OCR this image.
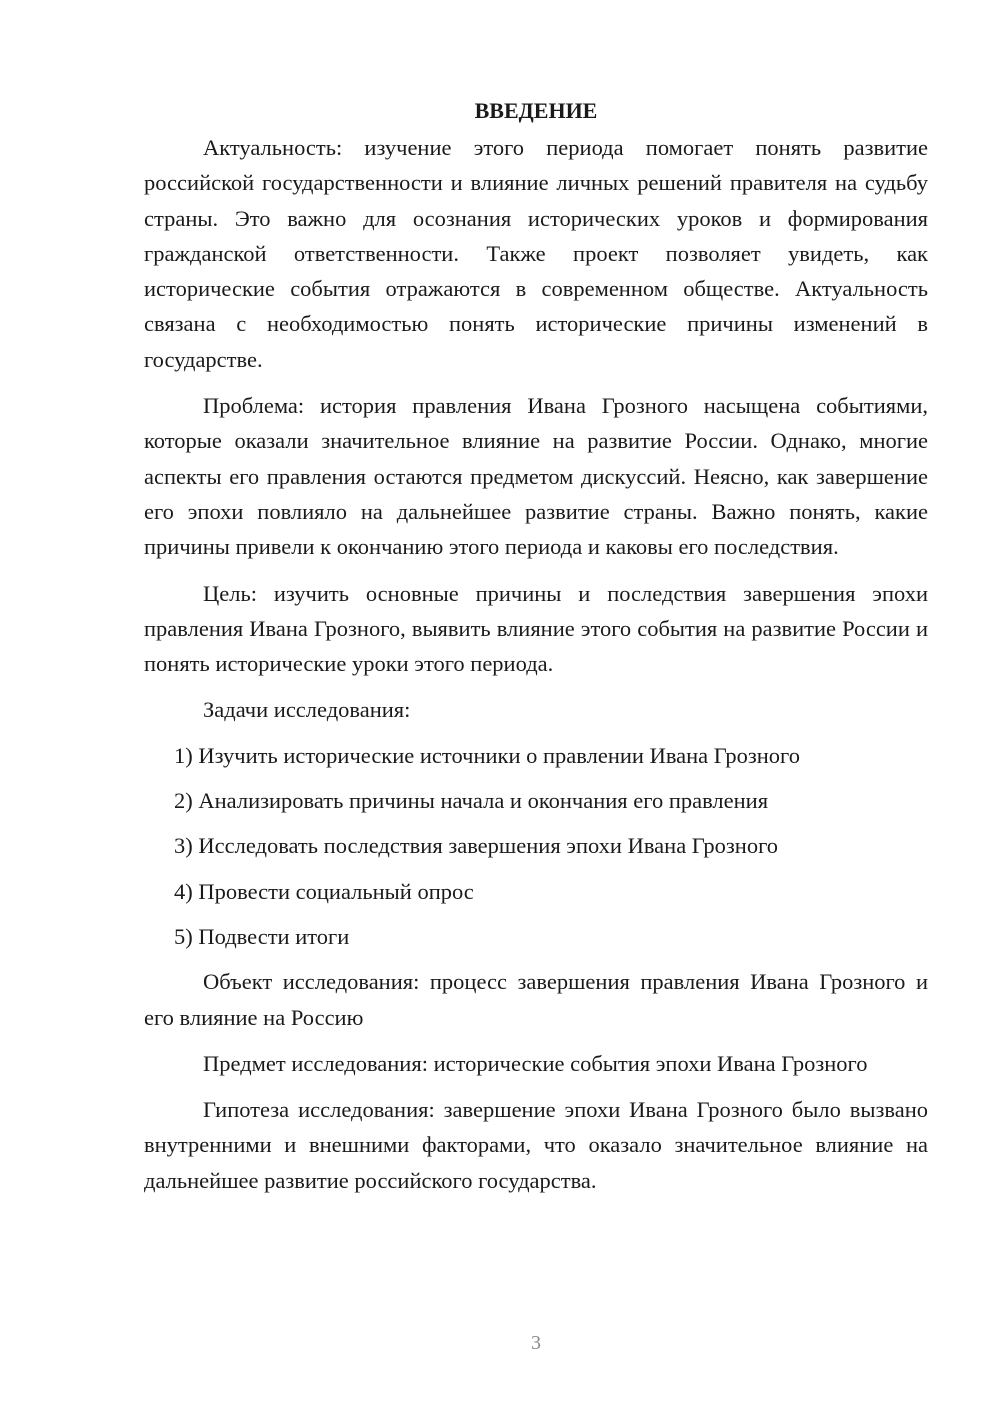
ВВЕДЕНИЕ

Актуальность: изучение этого периода помогает понять развитие российской государственности и влияние личных решений правителя на судьбу страны. Это важно для осознания исторических уроков и формирования гражданской ответственности. Также проект позволяет увидеть, как исторические события отражаются в современном обществе. Актуальность связана с необходимостью понять исторические причины изменений в государстве.

Проблема: история правления Ивана Грозного насыщена событиями, которые оказали значительное влияние на развитие России. Однако, многие аспекты его правления остаются предметом дискуссий. Неясно, как завершение его эпохи повлияло на дальнейшее развитие страны. Важно понять, какие причины привели к окончанию этого периода и каковы его последствия.

Цель: изучить основные причины и последствия завершения эпохи правления Ивана Грозного, выявить влияние этого события на развитие России и понять исторические уроки этого периода.

Задачи исследования:

1) Изучить исторические источники о правлении Ивана Грозного
2) Анализировать причины начала и окончания его правления
3) Исследовать последствия завершения эпохи Ивана Грозного
4) Провести социальный опрос
5) Подвести итоги

Объект исследования: процесс завершения правления Ивана Грозного и его влияние на Россию

Предмет исследования: исторические события эпохи Ивана Грозного

Гипотеза исследования: завершение эпохи Ивана Грозного было вызвано внутренними и внешними факторами, что оказало значительное влияние на дальнейшее развитие российского государства.

3
